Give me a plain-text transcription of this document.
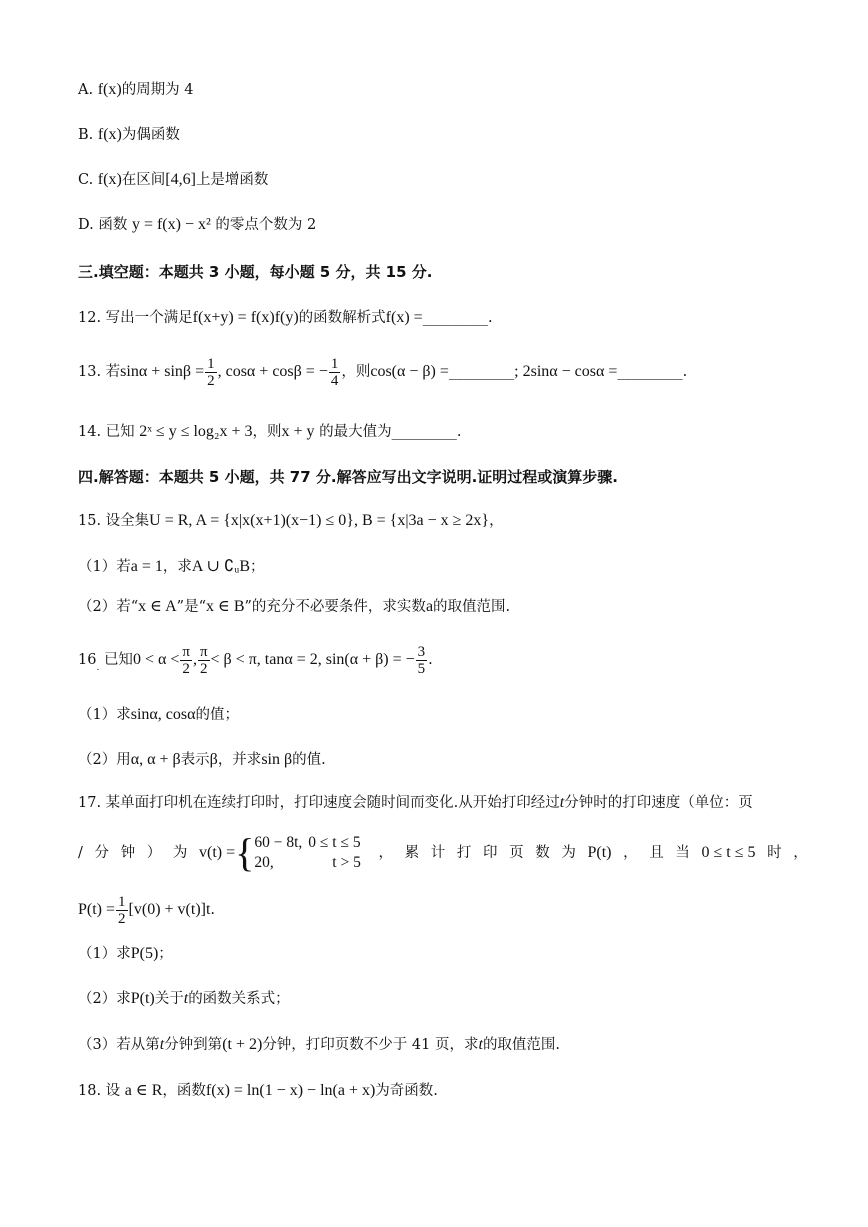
A. f(x)的周期为 4
B. f(x)为偶函数
C. f(x)在区间[4,6]上是增函数
D. 函数 y = f(x) − x² 的零点个数为 2
三.填空题：本题共 3 小题，每小题 5 分，共 15 分.
12. 写出一个满足f(x+y) = f(x)f(y)的函数解析式f(x) =_________.
13. 若$\sin\alpha + \sin\beta = \frac{1}{2}$ , cosα + cosβ = − $\frac{1}{4}$ ，则cos(α − β) =_________; 2sinα − cosα =_________.
14. 已知 2ˣ ≤ y ≤ log₂x + 3，则x + y 的最大值为_________.
四.解答题：本题共 5 小题，共 77 分.解答应写出文字说明.证明过程或演算步骤.
15. 设全集U = R, A = {x|x(x+1)(x−1) ≤ 0}, B = {x|3a − x ≥ 2x}，
（1）若a = 1，求A ∪ ∁ᵤB；
（2）若“x ∈ A”是“x ∈ B”的充分不必要条件，求实数a的取值范围.
$16_.$ 已知$0 < \alpha < \frac{\pi}{2}$ , $\frac{\pi}{2} < \beta < \pi$, tanα = 2, sin(α + β) = − $\frac{3}{5}$ .
（1）求sinα, cosα的值；
（2）用α, α + β表示β，并求sin β的值.
17. 某单面打印机在连续打印时，打印速度会随时间而变化.从开始打印经过t分钟时的打印速度（单位：页
/ 分 钟 ） 为 v(t) ={ 60 − 8t,	0 ≤ t ≤ 5
20,	t > 5
， 累 计 打 印 页 数 为 P(t) ， 且 当 0 ≤ t ≤ 5 时 ，
$P(t) = \frac{1}{2} [v(0) + v(t)]t$.
（1）求P(5)；
（2）求P(t)关于t的函数关系式；
（3）若从第t分钟到第(t + 2)分钟，打印页数不少于 41 页，求t的取值范围.
18. 设 a ∈ R，函数f(x) = ln(1 − x) − ln(a + x)为奇函数.
